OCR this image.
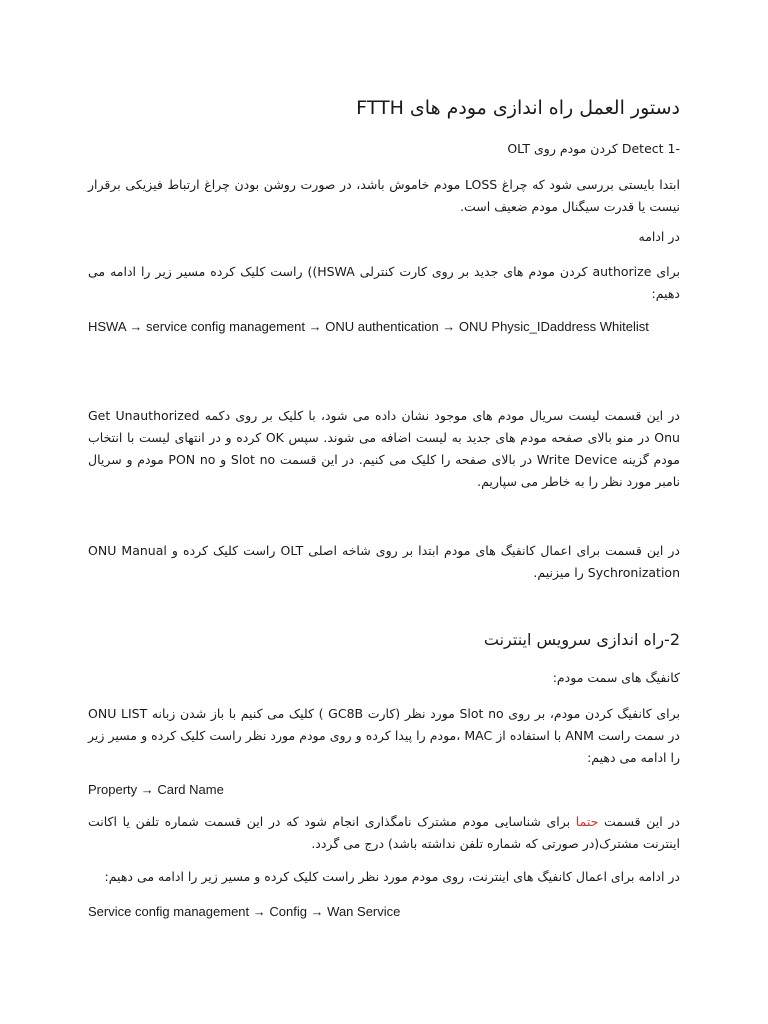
دستور العمل راه اندازی مودم های FTTH
-1 Detect کردن مودم روی OLT
ابتدا بایستی بررسی شود که چراغ LOSS مودم خاموش باشد، در صورت روشن بودن چراغ ارتباط فیزیکی برقرار نیست یا قدرت سیگنال مودم ضعیف است.
در ادامه
برای authorize کردن مودم های جدید بر روی کارت کنترلی HSWA)) راست کلیک کرده مسیر زیر را ادامه می دهیم:
HSWA → service config management → ONU authentication → ONU Physic_IDaddress Whitelist
در این قسمت لیست سریال مودم های موجود نشان داده می شود، با کلیک بر روی دکمه Get Unauthorized Onu در منو بالای صفحه مودم های جدید به لیست اضافه می شوند. سپس OK کرده و در انتهای لیست با انتخاب مودم گزینه Write Device در بالای صفحه را کلیک می کنیم. در این قسمت Slot no و PON no مودم و سریال نامبر مورد نظر را به خاطر می سپاریم.
در این قسمت برای اعمال کانفیگ های مودم ابتدا بر روی شاخه اصلی OLT راست کلیک کرده و ONU Manual Sychronization را میزنیم.
2-راه اندازی سرویس اینترنت
کانفیگ های سمت مودم:
برای کانفیگ کردن مودم، بر روی Slot no مورد نظر (کارت GC8B ) کلیک می کنیم با باز شدن زبانه ONU LIST در سمت راست ANM با استفاده از MAC ،مودم را پیدا کرده و روی مودم مورد نظر راست کلیک کرده و مسیر زیر را ادامه می دهیم:
Property → Card Name
در این قسمت حتما برای شناسایی مودم مشترک نامگذاری انجام شود که در این قسمت شماره تلفن یا اکانت اینترنت مشترک(در صورتی که شماره تلفن نداشته باشد) درج می گردد.
در ادامه برای اعمال کانفیگ های اینترنت، روی مودم مورد نظر راست کلیک کرده و مسیر زیر را ادامه می دهیم:
Service config management → Config → Wan Service
